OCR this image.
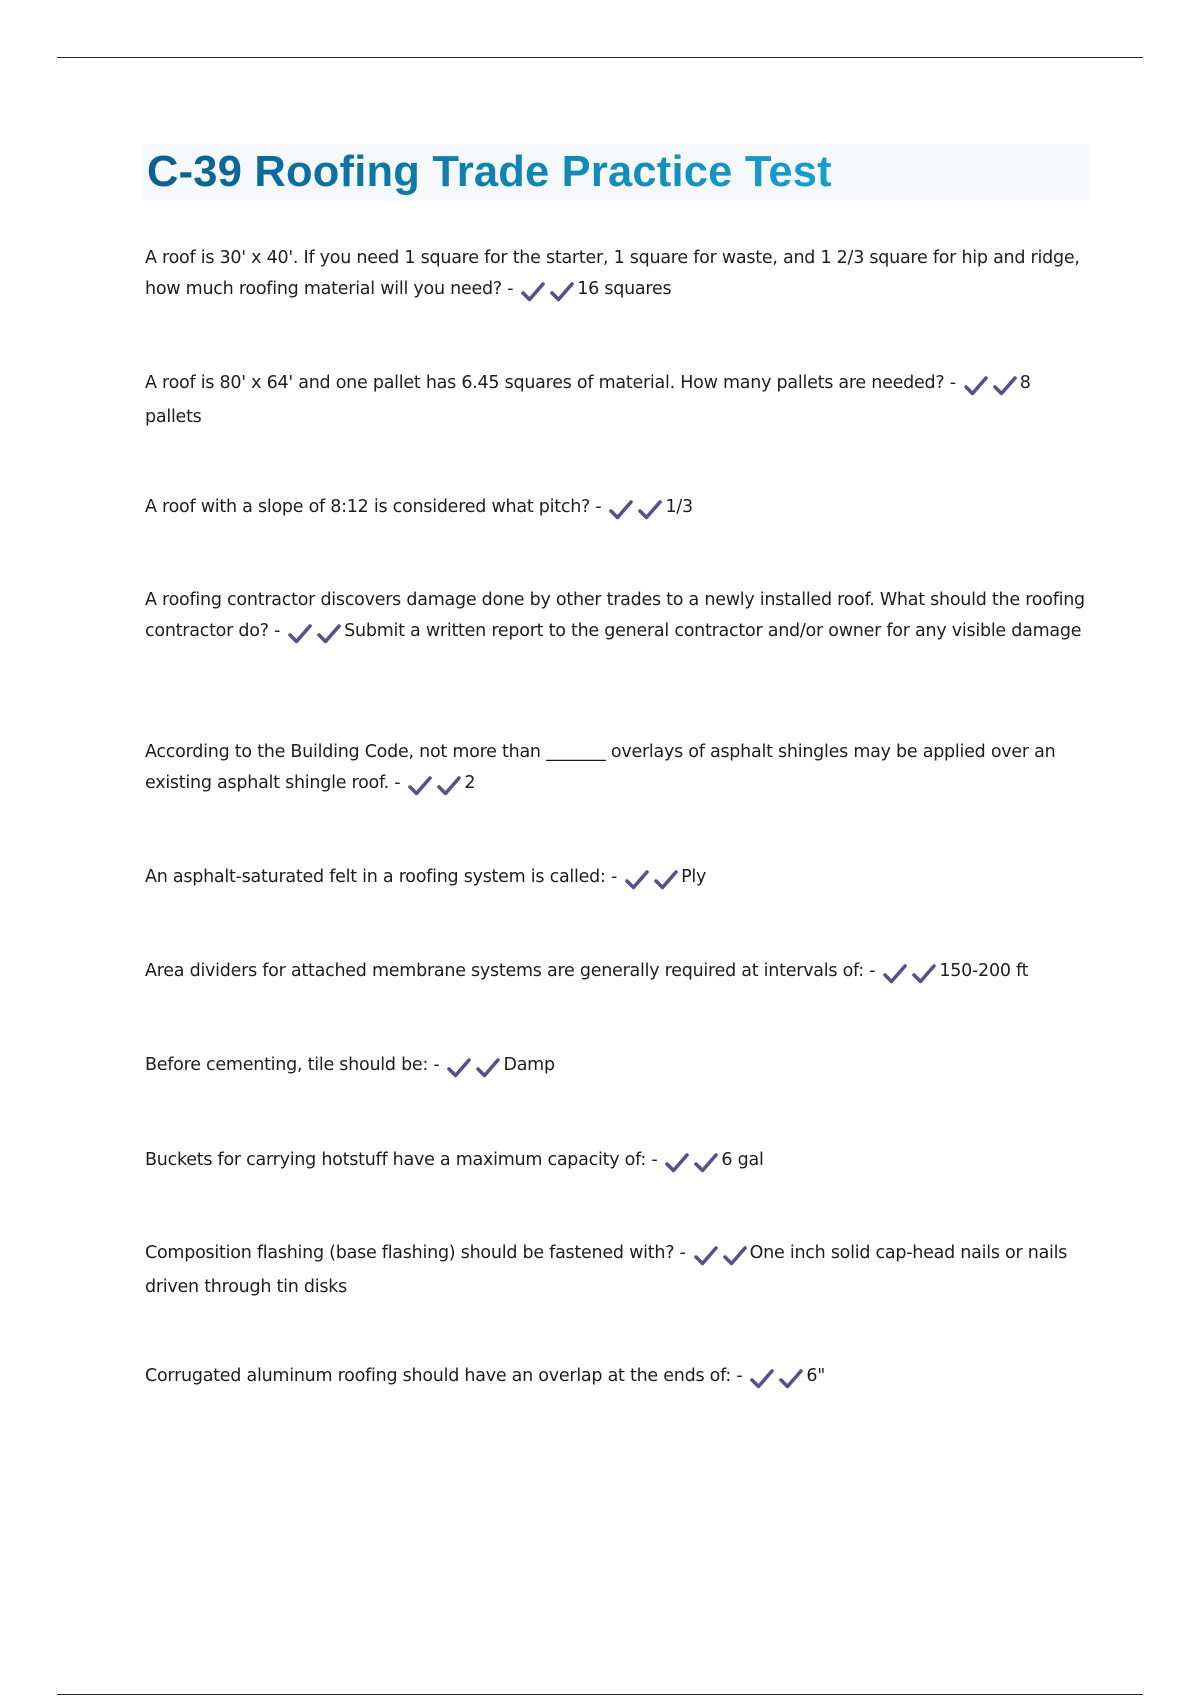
C-39 Roofing Trade Practice Test

A roof is 30' x 40'. If you need 1 square for the starter, 1 square for waste, and 1 2/3 square for hip and ridge, how much roofing material will you need? -	16 squares

A roof is 80' x 64' and one pallet has 6.45 squares of material. How many pallets are needed? -	8 pallets

A roof with a slope of 8:12 is considered what pitch? -	1/3

A roofing contractor discovers damage done by other trades to a newly installed roof. What should the roofing contractor do? -	Submit a written report to the general contractor and/or owner for any visible damage

According to the Building Code, not more than _______ overlays of asphalt shingles may be applied over an existing asphalt shingle roof. -	2

An asphalt-saturated felt in a roofing system is called: -	Ply

Area dividers for attached membrane systems are generally required at intervals of: -	150-200 ft

Before cementing, tile should be: -	Damp

Buckets for carrying hotstuff have a maximum capacity of: -	6 gal

Composition flashing (base flashing) should be fastened with? -	One inch solid cap-head nails or nails driven through tin disks

Corrugated aluminum roofing should have an overlap at the ends of: -	6"
